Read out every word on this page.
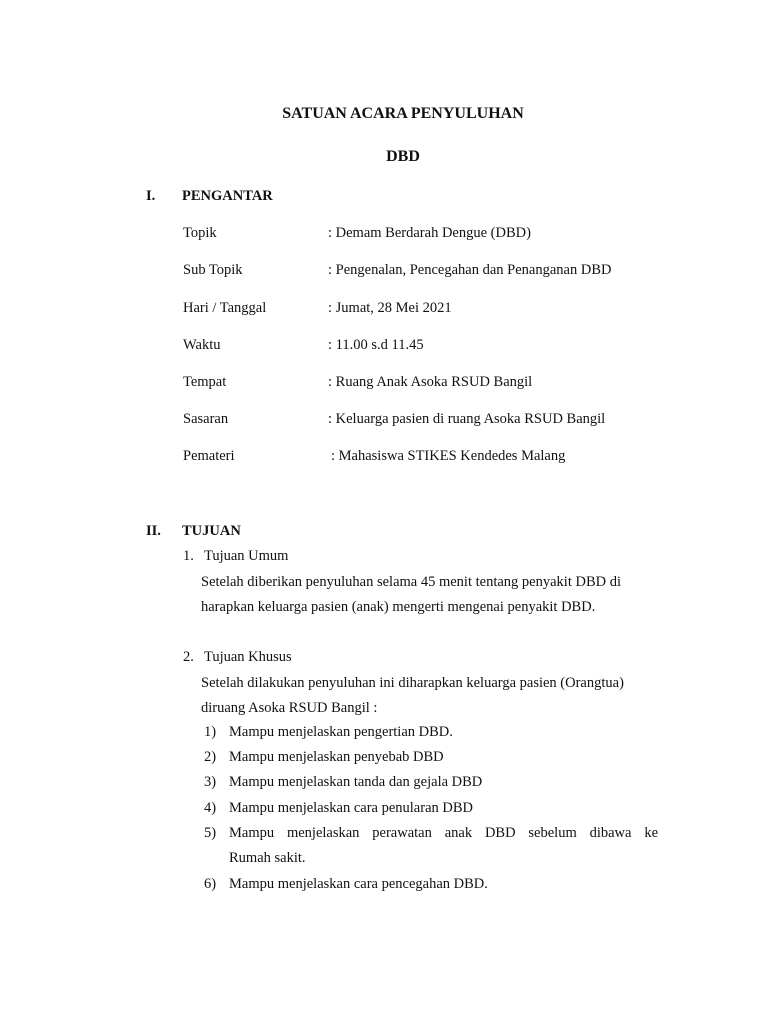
SATUAN ACARA PENYULUHAN
DBD
I. PENGANTAR
Topik	: Demam Berdarah Dengue (DBD)
Sub Topik	: Pengenalan, Pencegahan dan Penanganan DBD
Hari / Tanggal	: Jumat, 28 Mei 2021
Waktu	: 11.00 s.d 11.45
Tempat	: Ruang Anak Asoka RSUD Bangil
Sasaran	: Keluarga pasien di ruang Asoka RSUD Bangil
Pemateri	: Mahasiswa STIKES Kendedes Malang
II. TUJUAN
1. Tujuan Umum
Setelah diberikan penyuluhan selama 45 menit tentang penyakit DBD di
harapkan keluarga pasien (anak) mengerti mengenai penyakit DBD.
2. Tujuan Khusus
Setelah dilakukan penyuluhan ini diharapkan keluarga pasien (Orangtua)
diruang Asoka RSUD Bangil :
1) Mampu menjelaskan pengertian DBD.
2) Mampu menjelaskan penyebab DBD
3) Mampu menjelaskan tanda dan gejala DBD
4) Mampu menjelaskan cara penularan DBD
5) Mampu menjelaskan perawatan anak DBD sebelum dibawa ke
Rumah sakit.
6) Mampu menjelaskan cara pencegahan DBD.
